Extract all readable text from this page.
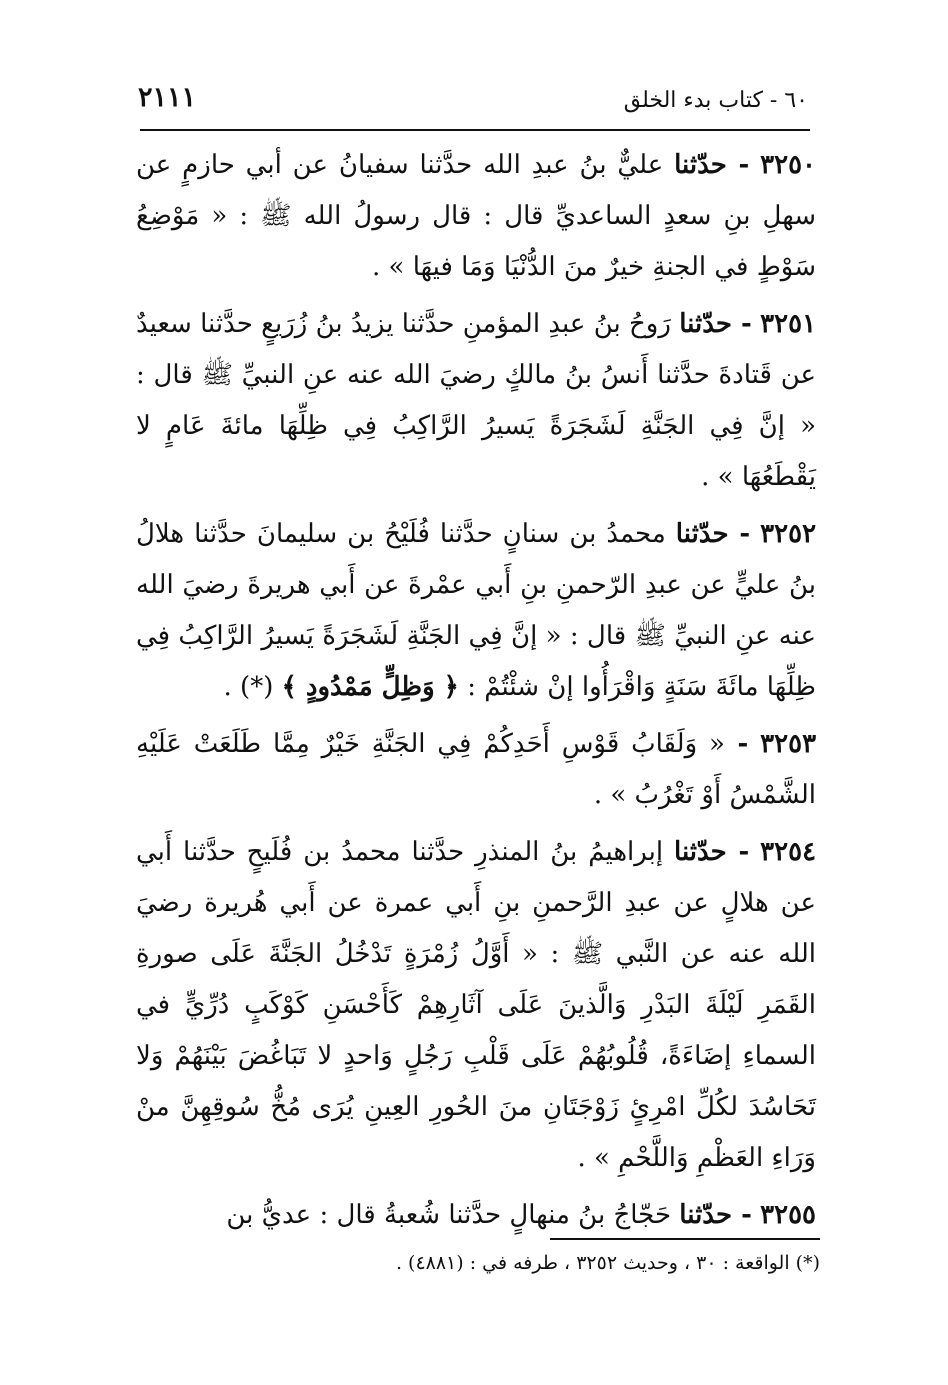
٦٠ - كتاب بدء الخلق
٢١١١

٣٢٥٠ - حدّثنا عليٌّ بنُ عبدِ الله حدَّثنا سفيانُ عن أبي حازمٍ عن سهلِ بنِ سعدٍ الساعديِّ قال : قال رسولُ الله ﷺ : « مَوْضِعُ سَوْطٍ في الجنةِ خيرٌ منَ الدُّنْيَا وَمَا فيهَا » .

٣٢٥١ - حدّثنا رَوحُ بنُ عبدِ المؤمنِ حدَّثنا يزيدُ بنُ زُرَيعٍ حدَّثنا سعيدٌ عن قَتادةَ حدَّثنا أَنسُ بنُ مالكٍ رضيَ الله عنه عنِ النبيِّ ﷺ قال : « إنَّ فِي الجَنَّةِ لَشَجَرَةً يَسيرُ الرَّاكِبُ فِي ظِلِّهَا مائةَ عَامٍ لا يَقْطَعُهَا » .

٣٢٥٢ - حدّثنا محمدُ بن سنانٍ حدَّثنا فُلَيْحُ بن سليمانَ حدَّثنا هلالُ بنُ عليٍّ عن عبدِ الرّحمنِ بنِ أَبي عمْرةَ عن أَبي هريرةَ رضيَ الله عنه عنِ النبيِّ ﷺ قال : « إنَّ فِي الجَنَّةِ لَشَجَرَةً يَسيرُ الرَّاكِبُ فِي ظِلِّهَا مائَةَ سَنَةٍ وَاقْرَأُوا إنْ شئْتُمْ : ﴿ وَظِلٍّ مَمْدُودٍ ﴾ (*) .

٣٢٥٣ - « وَلَقَابُ قَوْسِ أَحَدِكُمْ فِي الجَنَّةِ خَيْرٌ مِمَّا طَلَعَتْ عَلَيْهِ الشَّمْسُ أَوْ تَغْرُبُ » .

٣٢٥٤ - حدّثنا إبراهيمُ بنُ المنذرِ حدَّثنا محمدُ بن فُلَيحٍ حدَّثنا أَبي عن هلالٍ عن عبدِ الرَّحمنِ بنِ أَبي عمرة عن أَبي هُريرة رضيَ الله عنه عن النَّبي ﷺ : « أَوَّلُ زُمْرَةٍ تَدْخُلُ الجَنَّةَ عَلَى صورةِ القَمَرِ لَيْلَةَ البَدْرِ وَالَّذينَ عَلَى آثَارِهِمْ كَأَحْسَنِ كَوْكَبٍ دُرِّيٍّ في السماءِ إضَاءَةً، قُلُوبُهُمْ عَلَى قَلْبِ رَجُلٍ وَاحدٍ لا تَبَاغُضَ بَيْنَهُمْ وَلا تَحَاسُدَ لكُلِّ امْرِئٍ زَوْجَتَانِ منَ الحُورِ العِينِ يُرَى مُخُّ سُوقِهِنَّ منْ وَرَاءِ العَظْمِ وَاللَّحْمِ » .

٣٢٥٥ - حدّثنا حَجّاجُ بنُ منهالٍ حدَّثنا شُعبةُ قال : عديُّ بن

(*) الواقعة : ٣٠ ، وحديث ٣٢٥٢ ، طرفه في : (٤٨٨١) .
